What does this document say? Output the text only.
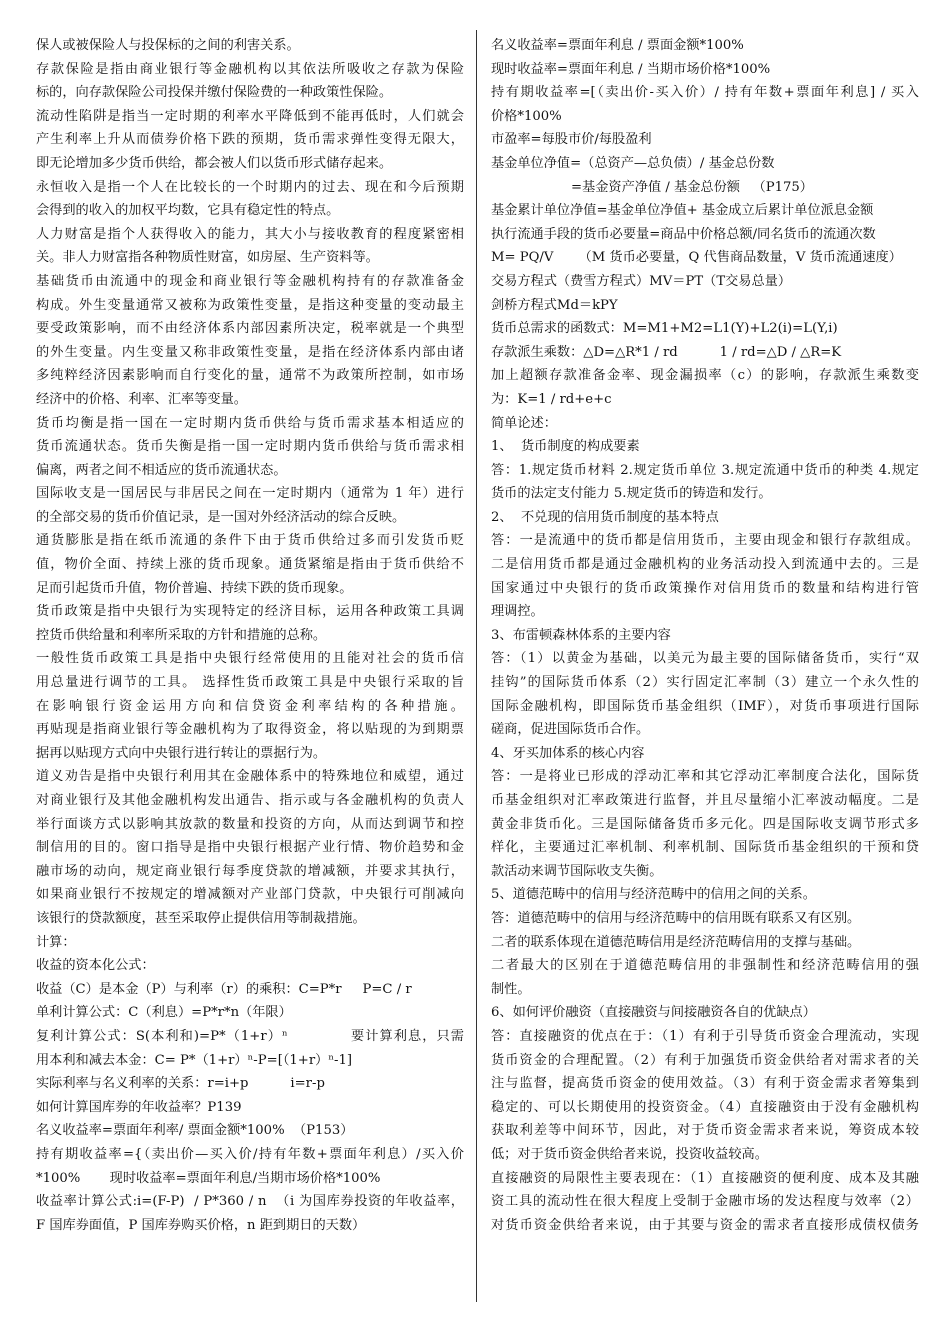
保人或被保险人与投保标的之间的利害关系。
存款保险是指由商业银行等金融机构以其依法所吸收之存款为保险
标的，向存款保险公司投保并缴付保险费的一种政策性保险。
流动性陷阱是指当一定时期的利率水平降低到不能再低时，人们就会
产生利率上升从而债券价格下跌的预期，货币需求弹性变得无限大，
即无论增加多少货币供给，都会被人们以货币形式储存起来。
永恒收入是指一个人在比较长的一个时期内的过去、现在和今后预期
会得到的收入的加权平均数，它具有稳定性的特点。
人力财富是指个人获得收入的能力，其大小与接收教育的程度紧密相
关。非人力财富指各种物质性财富，如房屋、生产资料等。
基础货币由流通中的现金和商业银行等金融机构持有的存款准备金
构成。外生变量通常又被称为政策性变量，是指这种变量的变动最主
要受政策影响，而不由经济体系内部因素所决定，税率就是一个典型
的外生变量。内生变量又称非政策性变量，是指在经济体系内部由诸
多纯粹经济因素影响而自行变化的量，通常不为政策所控制，如市场
经济中的价格、利率、汇率等变量。
货币均衡是指一国在一定时期内货币供给与货币需求基本相适应的
货币流通状态。货币失衡是指一国一定时期内货币供给与货币需求相
偏离，两者之间不相适应的货币流通状态。
国际收支是一国居民与非居民之间在一定时期内（通常为 1 年）进行
的全部交易的货币价值记录，是一国对外经济活动的综合反映。
通货膨胀是指在纸币流通的条件下由于货币供给过多而引发货币贬
值，物价全面、持续上涨的货币现象。通货紧缩是指由于货币供给不
足而引起货币升值，物价普遍、持续下跌的货币现象。
货币政策是指中央银行为实现特定的经济目标，运用各种政策工具调
控货币供给量和利率所采取的方针和措施的总称。
一般性货币政策工具是指中央银行经常使用的且能对社会的货币信
用总量进行调节的工具。 选择性货币政策工具是中央银行采取的旨
在影响银行资金运用方向和信贷资金利率结构的各种措施。
再贴现是指商业银行等金融机构为了取得资金，将以贴现的为到期票
据再以贴现方式向中央银行进行转让的票据行为。
道义劝告是指中央银行利用其在金融体系中的特殊地位和威望，通过
对商业银行及其他金融机构发出通告、指示或与各金融机构的负责人
举行面谈方式以影响其放款的数量和投资的方向，从而达到调节和控
制信用的目的。窗口指导是指中央银行根据产业行情、物价趋势和金
融市场的动向，规定商业银行每季度贷款的增减额，并要求其执行，
如果商业银行不按规定的增减额对产业部门贷款，中央银行可削减向
该银行的贷款额度，甚至采取停止提供信用等制裁措施。
计算：
收益的资本化公式：
收益（C）是本金（P）与利率（r）的乘积：C=P*r     P=C / r
单利计算公式：C（利息）=P*r*n（年限）
复利计算公式：S(本利和)=P*（1+r）ⁿ            要计算利息，只需
用本利和减去本金：C= P*（1+r）ⁿ-P=[（1+r）ⁿ-1]
实际利率与名义利率的关系：r=i+p          i=r-p
如何计算国库券的年收益率？P139
名义收益率=票面年利率/ 票面金额*100%  （P153）
持有期收益率={（卖出价—买入价/持有年数+票面年利息）/买入价
*100%       现时收益率=票面年利息/当期市场价格*100%
收益率计算公式:i=(F-P)  / P*360 / n  （i 为国库券投资的年收益率，
F 国库券面值，P 国库券购买价格，n 距到期日的天数）
名义收益率=票面年利息 / 票面金额*100%
现时收益率=票面年利息 / 当期市场价格*100%
持有期收益率=[（卖出价-买入价）/ 持有年数+票面年利息] / 买入
价格*100%
市盈率=每股市价/每股盈利
基金单位净值=（总资产—总负债）/ 基金总份数
=基金资产净值 / 基金总份额   （P175）
基金累计单位净值=基金单位净值+ 基金成立后累计单位派息金额
执行流通手段的货币必要量=商品中价格总额/同名货币的流通次数
M= PQ/V      （M 货币必要量，Q 代售商品数量，V 货币流通速度）
交易方程式（费雪方程式）MV＝PT（T交易总量）
剑桥方程式Md＝kPY
货币总需求的函数式：M=M1+M2=L1(Y)+L2(i)=L(Y,i)
存款派生乘数：△D=△R*1 / rd          1 / rd=△D / △R=K
加上超额存款准备金率、现金漏损率（c）的影响，存款派生乘数变
为：K=1 / rd+e+c
简单论述：
1、  货币制度的构成要素
答：1.规定货币材料 2.规定货币单位 3.规定流通中货币的种类 4.规定
货币的法定支付能力 5.规定货币的铸造和发行。
2、  不兑现的信用货币制度的基本特点
答：一是流通中的货币都是信用货币，主要由现金和银行存款组成。
二是信用货币都是通过金融机构的业务活动投入到流通中去的。三是
国家通过中央银行的货币政策操作对信用货币的数量和结构进行管
理调控。
3、布雷顿森林体系的主要内容
答：（1）以黄金为基础，以美元为最主要的国际储备货币，实行“双
挂钩”的国际货币体系（2）实行固定汇率制（3）建立一个永久性的
国际金融机构，即国际货币基金组织（IMF），对货币事项进行国际
磋商，促进国际货币合作。
4、牙买加体系的核心内容
答：一是将业已形成的浮动汇率和其它浮动汇率制度合法化，国际货
币基金组织对汇率政策进行监督，并且尽量缩小汇率波动幅度。二是
黄金非货币化。三是国际储备货币多元化。四是国际收支调节形式多
样化，主要通过汇率机制、利率机制、国际货币基金组织的干预和贷
款活动来调节国际收支失衡。
5、道德范畴中的信用与经济范畴中的信用之间的关系。
答：道德范畴中的信用与经济范畴中的信用既有联系又有区别。
二者的联系体现在道德范畴信用是经济范畴信用的支撑与基础。
二者最大的区别在于道德范畴信用的非强制性和经济范畴信用的强
制性。
6、如何评价融资（直接融资与间接融资各自的优缺点）
答：直接融资的优点在于：（1）有利于引导货币资金合理流动，实现
货币资金的合理配置。（2）有利于加强货币资金供给者对需求者的关
注与监督，提高货币资金的使用效益。（3）有利于资金需求者筹集到
稳定的、可以长期使用的投资资金。（4）直接融资由于没有金融机构
获取利差等中间环节，因此，对于货币资金需求者来说，筹资成本较
低；对于货币资金供给者来说，投资收益较高。
直接融资的局限性主要表现在：（1）直接融资的便利度、成本及其融
资工具的流动性在很大程度上受制于金融市场的发达程度与效率（2）
对货币资金供给者来说，由于其要与资金的需求者直接形成债权债务
